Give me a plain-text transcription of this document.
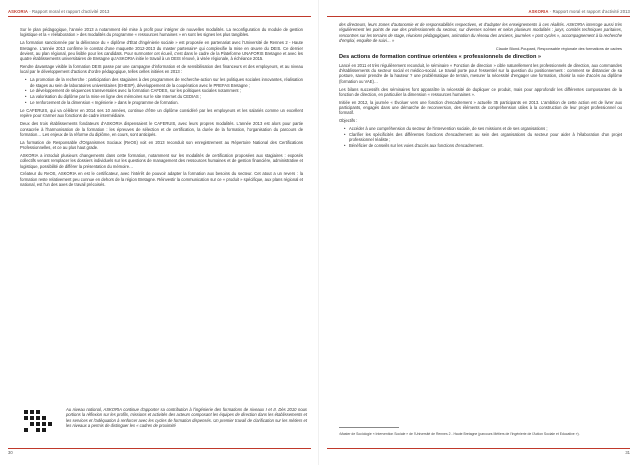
ASKORIA - Rapport moral et rapport d'activité 2013

Sur le plan pédagogique, l'année 2013 a notamment été mise à profit pour intégrer de nouvelles modalités. La reconfiguration du module de gestion logistique et la « réélaboration » des modalités du programme « ressources humaines » en sont les signes les plus tangibles.

La formation sanctionnée par la délivrance du « diplôme d'État d'ingénierie sociale » est proposée en partenariat avec l'Université de Rennes 2 - Haute Bretagne. L'année 2013 confirme le constat d'une maquette 2012-2013 du master partenaire¹ qui complexifie la mise en œuvre du DEIS. Ce dernier devient, au plan régional, peu lisible pour les candidats. Pour surmonter cet écueil, c'est dans le cadre de la Plateforme UNAFORIS Bretagne et avec les quatre établissements universitaires de Bretagne qu'ASKORIA initie le travail à un DEIS rénové, à visée régionale, à échéance 2015.

Rendre davantage visible la formation DEIS passe par une campagne d'information et de sensibilisation des financeurs et des employeurs, et au niveau local par le développement d'actions d'ordre pédagogique, telles celles initiées en 2013 :

• La promotion de la recherche : participation des stagiaires à des programmes de recherche-action sur les politiques sociales innovantes, réalisation de stages au sein de laboratoires universitaires (EHESP), développement de la coopération avec le PREFAS Bretagne ;
• Le développement de séquences transversales avec la formation CAFDES, sur les politiques sociales notamment ;
• La valorisation du diplôme par la mise en ligne des mémoires sur le site Internet du CEDIAS ;
• Le renforcement de la dimension « Ingénierie » dans le programme de formation.

Le CAFERUIS, qui va célébrer en 2014 ses 10 années, continue d'être un diplôme considéré par les employeurs et les salariés comme un excellent repère pour s'armer aux fonctions de cadre intermédiaire.

Deux des trois établissements fondateurs d'ASKORIA dispensaient le CAFERUIS, avec leurs propres modalités. L'année 2013 est alors pour partie consacrée à l'harmonisation de la formation : les épreuves de sélection et de certification, la durée de la formation, l'organisation du parcours de formation… Les enjeux de la réforme du diplôme, en cours, sont anticipés.

La formation de Responsable d'Organismes Sociaux (ReOS) voit en 2013 reconduit son enregistrement au Répertoire National des Certifications Professionnelles, et ce au plus haut grade.

ASKORIA a introduit plusieurs changements dans cette formation, notamment sur les modalités de certification proposées aux stagiaires : exposés collectifs venant remplacer les dossiers individuels sur les questions de management des ressources humaines et de gestion financière, administrative et logistique, possibilité de différer la présentation du mémoire…

Créateur du ReOS, ASKORIA en est le certificateur, avec l'intérêt de pouvoir adapter la formation aux besoins du secteur. Cet atout a un revers : la formation reste relativement peu connue en dehors de la région Bretagne. Réinvestir la communication sur ce « produit » spécifique, aux plans régional et national, est l'un des axes de travail précoisés.

Au niveau national, ASKORIA continue d'apporter sa contribution à l'ingénierie des formations de niveaux I et II. Dès 2010 nous portions la réflexion sur les profils, missions et activités des acteurs composant les équipes de direction dans les établissements et les services et l'adéquation à renforcer avec les cycles de formation dispensés. Un premier travail de clarification sur les métiers et les niveaux a permis de distinguer les « cadres de proximité
30
ASKORIA - Rapport moral et rapport d'activité 2013

des directeurs, leurs zones d'autonomie et de responsabilités respectives, et d'adapter les enseignements à ces réalités. ASKORIA interroge aussi très régulièrement les points de vue des professionnels du secteur, sur diverses scènes et selon plusieurs modalités : jurys, comités techniques paritaires, rencontres sur les terrains de stage, réunions pédagogiques, animation du réseau des anciens, journées « post cycles », accompagnement à la recherche d'emploi, enquête de suivi… »

Claude Blond-Poupard, Responsable régionale des formations de cadres

Des actions de formation continue orientées « professionnels de direction »

Lancé en 2011 et très régulièrement reconduit, le séminaire « Fonction de direction » cible naturellement les professionnels de direction, aux commandes d'établissements du secteur social et médico-social. Le travail porte pour l'essentiel sur la question du positionnement : comment se distancier de sa posture, savoir prendre de la hauteur ? une problématique de terrain, mesurer la nécessité d'engager une formation, choisir la voie d'accès au diplôme (formation ou VAE)…

Les bilans successifs des séminaires font apparaître la nécessité de dupliquer ce produit, mais pour approfondir les différentes composantes de la fonction de direction, en particulier la dimension « ressources humaines ».

Initiée en 2012, la journée « Évoluer vers une fonction d'encadrement » actuelle 35 participants en 2013. L'ambition de cette action est de livrer aux participants, engagés dans une démarche de reconversion, des éléments de compréhension utiles à la construction de leur projet professionnel ou formatif.

Objectifs :

• Accéder à une compréhension du secteur de l'intervention sociale, de ses missions et de ses organisations ;
• Clarifier les spécificités des différentes fonctions d'encadrement au sein des organisations du secteur pour aider à l'élaboration d'un projet professionnel réaliste ;
• Bénéficier de conseils sur les voies d'accès aux fonctions d'encadrement.
¹Master de Sociologie « Intervention Sociale » de l'Université de Rennes 2 - Haute Bretagne (parcours Métiers de l'Ingénierie de l'Action Sociale et Educative »).
31
